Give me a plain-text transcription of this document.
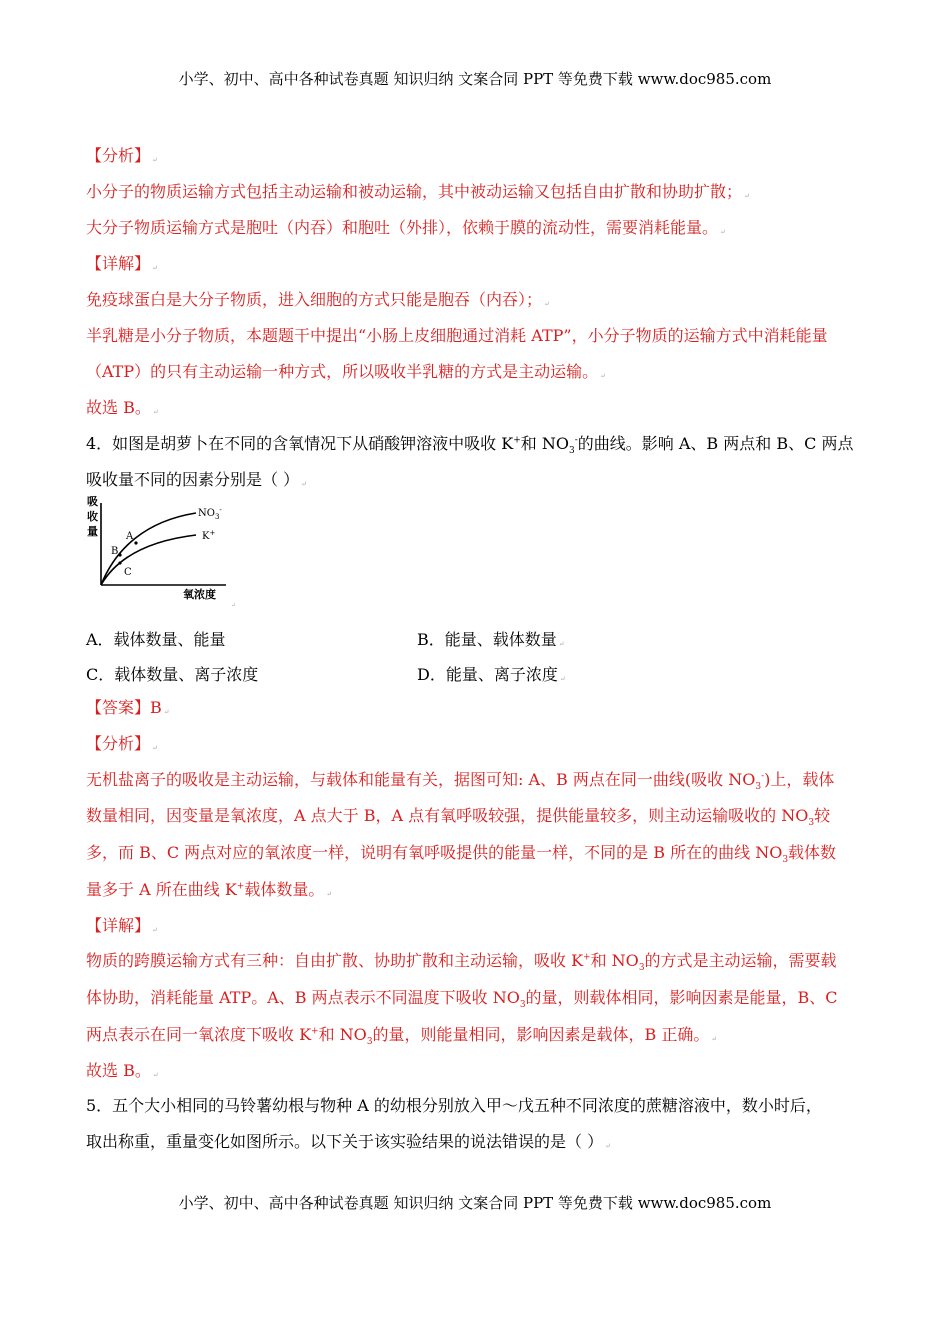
小学、初中、高中各种试卷真题 知识归纳 文案合同 PPT 等免费下载 www.doc985.com
【分析】 ↵
小分子的物质运输方式包括主动运输和被动运输，其中被动运输又包括自由扩散和协助扩散； ↵
大分子物质运输方式是胞吐（内吞）和胞吐（外排），依赖于膜的流动性，需要消耗能量。 ↵
【详解】 ↵
免疫球蛋白是大分子物质，进入细胞的方式只能是胞吞（内吞）； ↵
半乳糖是小分子物质，本题题干中提出“小肠上皮细胞通过消耗 ATP”，小分子物质的运输方式中消耗能量
（ATP）的只有主动运输一种方式，所以吸收半乳糖的方式是主动运输。 ↵
故选 B。 ↵
4．如图是胡萝卜在不同的含氧情况下从硝酸钾溶液中吸收 K+和 $NO_3^-$的曲线。影响 A、B 两点和 B、C 两点
吸收量不同的因素分别是（ ） ↵
吸 收 量
$NO_3^-$
K+
A
B
C
氧浓度
↵
A．载体数量、能量	B．能量、载体数量 ↵
C．载体数量、离子浓度	D．能量、离子浓度 ↵
【答案】B ↵
【分析】 ↵
无机盐离子的吸收是主动运输，与载体和能量有关，据图可知: A、B 两点在同一曲线(吸收 $NO_3^-$)上，载体
数量相同，因变量是氧浓度，A 点大于 B，A 点有氧呼吸较强，提供能量较多，则主动运输吸收的 $NO_3$较
多，而 B、C 两点对应的氧浓度一样，说明有氧呼吸提供的能量一样，不同的是 B 所在的曲线 $NO_3$载体数
量多于 A 所在曲线 K+载体数量。 ↵
【详解】 ↵
物质的跨膜运输方式有三种：自由扩散、协助扩散和主动运输，吸收 K+和 $NO_3$的方式是主动运输，需要载
体协助，消耗能量 ATP。A、B 两点表示不同温度下吸收 $NO_3$的量，则载体相同，影响因素是能量，B、C
两点表示在同一氧浓度下吸收 K+和 $NO_3$的量，则能量相同，影响因素是载体，B 正确。 ↵
故选 B。 ↵
5．五个大小相同的马铃薯幼根与物种 A 的幼根分别放入甲～戊五种不同浓度的蔗糖溶液中，数小时后，
取出称重，重量变化如图所示。以下关于该实验结果的说法错误的是（ ） ↵
小学、初中、高中各种试卷真题 知识归纳 文案合同 PPT 等免费下载 www.doc985.com
